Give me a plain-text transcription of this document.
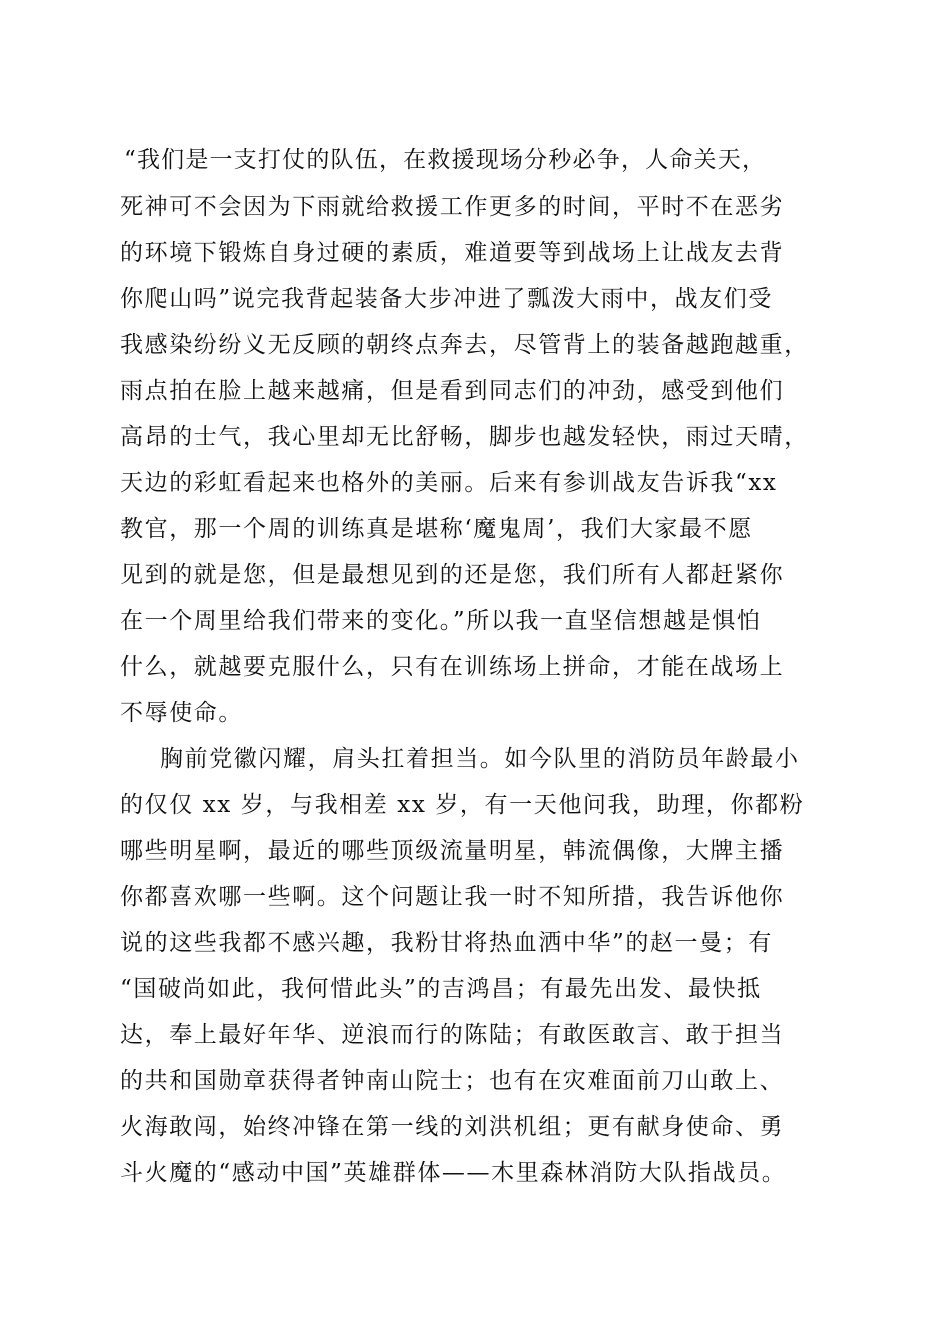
“我们是一支打仗的队伍，在救援现场分秒必争，人命关天，

死神可不会因为下雨就给救援工作更多的时间，平时不在恶劣

的环境下锻炼自身过硬的素质，难道要等到战场上让战友去背

你爬山吗”说完我背起装备大步冲进了瓢泼大雨中，战友们受

我感染纷纷义无反顾的朝终点奔去，尽管背上的装备越跑越重，

雨点拍在脸上越来越痛，但是看到同志们的冲劲，感受到他们

高昂的士气，我心里却无比舒畅，脚步也越发轻快，雨过天晴，

天边的彩虹看起来也格外的美丽。后来有参训战友告诉我“xx

教官，那一个周的训练真是堪称‘魔鬼周’，我们大家最不愿

见到的就是您，但是最想见到的还是您，我们所有人都赶紧你

在一个周里给我们带来的变化。”所以我一直坚信想越是惧怕

什么，就越要克服什么，只有在训练场上拼命，才能在战场上

不辱使命。

胸前党徽闪耀，肩头扛着担当。如今队里的消防员年龄最小

的仅仅 xx 岁，与我相差 xx 岁，有一天他问我，助理，你都粉

哪些明星啊，最近的哪些顶级流量明星，韩流偶像，大牌主播

你都喜欢哪一些啊。这个问题让我一时不知所措，我告诉他你

说的这些我都不感兴趣，我粉甘将热血洒中华”的赵一曼；有

“国破尚如此，我何惜此头”的吉鸿昌；有最先出发、最快抵

达，奉上最好年华、逆浪而行的陈陆；有敢医敢言、敢于担当

的共和国勋章获得者钟南山院士；也有在灾难面前刀山敢上、

火海敢闯，始终冲锋在第一线的刘洪机组；更有献身使命、勇

斗火魔的“感动中国”英雄群体——木里森林消防大队指战员。
